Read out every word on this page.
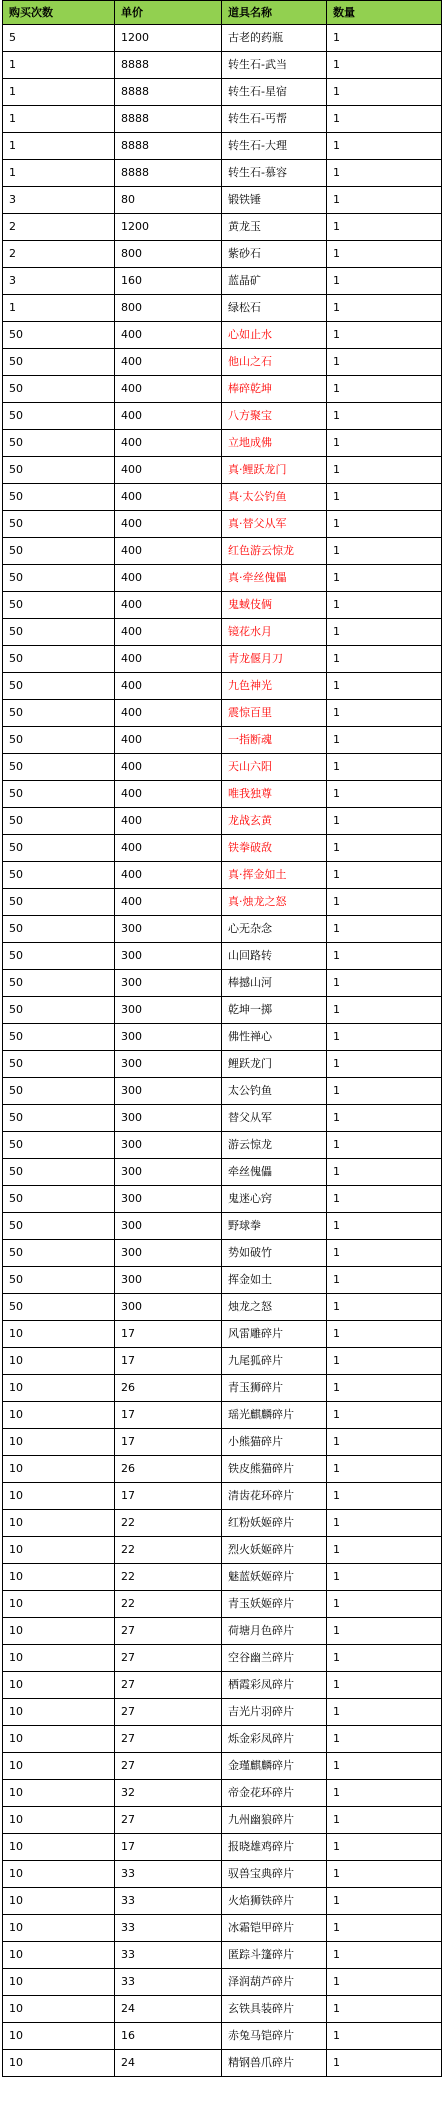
购买次数	单价	道具名称	数量
5	1200	古老的药瓶	1
1	8888	转生石-武当	1
1	8888	转生石-星宿	1
1	8888	转生石-丐帮	1
1	8888	转生石-大理	1
1	8888	转生石-慕容	1
3	80	锻铁锤	1
2	1200	黄龙玉	1
2	800	紫砂石	1
3	160	蓝晶矿	1
1	800	绿松石	1
50	400	心如止水	1
50	400	他山之石	1
50	400	棒碎乾坤	1
50	400	八方聚宝	1
50	400	立地成佛	1
50	400	真·鲤跃龙门	1
50	400	真·太公钓鱼	1
50	400	真·替父从军	1
50	400	红色游云惊龙	1
50	400	真·牵丝傀儡	1
50	400	鬼蜮伎俩	1
50	400	镜花水月	1
50	400	青龙偃月刀	1
50	400	九色神光	1
50	400	震惊百里	1
50	400	一指断魂	1
50	400	天山六阳	1
50	400	唯我独尊	1
50	400	龙战玄黄	1
50	400	铁拳破敌	1
50	400	真·挥金如土	1
50	400	真·烛龙之怒	1
50	300	心无杂念	1
50	300	山回路转	1
50	300	棒撼山河	1
50	300	乾坤一掷	1
50	300	佛性禅心	1
50	300	鲤跃龙门	1
50	300	太公钓鱼	1
50	300	替父从军	1
50	300	游云惊龙	1
50	300	牵丝傀儡	1
50	300	鬼迷心窍	1
50	300	野球拳	1
50	300	势如破竹	1
50	300	挥金如土	1
50	300	烛龙之怒	1
10	17	风雷雕碎片	1
10	17	九尾狐碎片	1
10	26	青玉狮碎片	1
10	17	瑶光麒麟碎片	1
10	17	小熊猫碎片	1
10	26	铁皮熊猫碎片	1
10	17	清齿花环碎片	1
10	22	红粉妖姬碎片	1
10	22	烈火妖姬碎片	1
10	22	魅蓝妖姬碎片	1
10	22	青玉妖姬碎片	1
10	27	荷塘月色碎片	1
10	27	空谷幽兰碎片	1
10	27	栖霞彩凤碎片	1
10	27	吉光片羽碎片	1
10	27	烁金彩凤碎片	1
10	27	金瑾麒麟碎片	1
10	32	帝金花环碎片	1
10	27	九州幽狼碎片	1
10	17	报晓雄鸡碎片	1
10	33	驭兽宝典碎片	1
10	33	火焰狮铁碎片	1
10	33	冰霜铠甲碎片	1
10	33	匿踪斗篷碎片	1
10	33	泽润葫芦碎片	1
10	24	玄铁具装碎片	1
10	16	赤兔马铠碎片	1
10	24	精钢兽爪碎片	1
